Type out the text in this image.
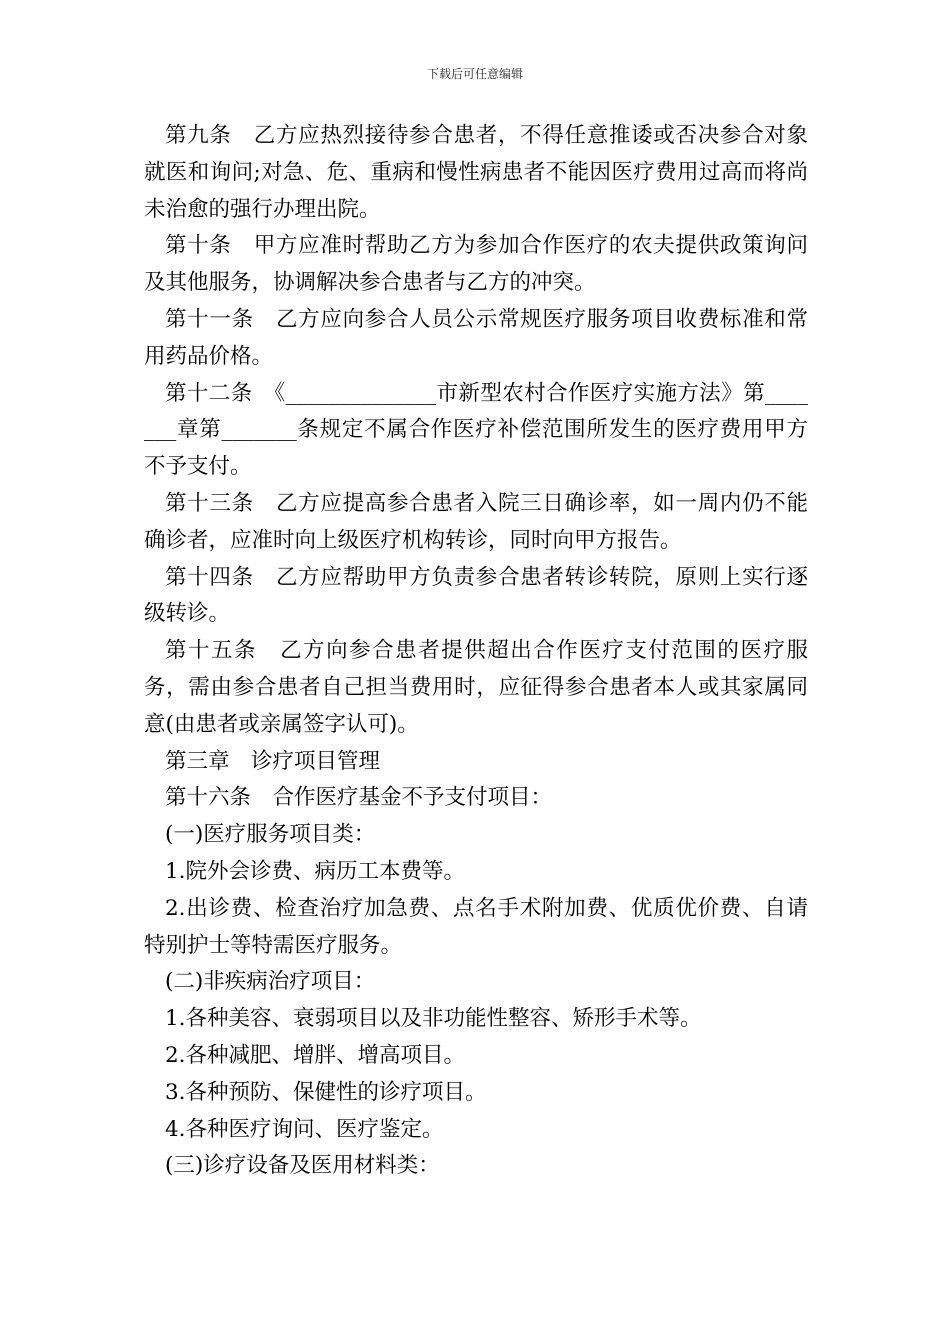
下载后可任意编辑

第九条　乙方应热烈接待参合患者，不得任意推诿或否决参合对象就医和询问;对急、危、重病和慢性病患者不能因医疗费用过高而将尚未治愈的强行办理出院。

第十条　甲方应准时帮助乙方为参加合作医疗的农夫提供政策询问及其他服务，协调解决参合患者与乙方的冲突。

第十一条　乙方应向参合人员公示常规医疗服务项目收费标准和常用药品价格。

第十二条　《______________市新型农村合作医疗实施方法》第_______章第_______条规定不属合作医疗补偿范围所发生的医疗费用甲方不予支付。

第十三条　乙方应提高参合患者入院三日确诊率，如一周内仍不能确诊者，应准时向上级医疗机构转诊，同时向甲方报告。

第十四条　乙方应帮助甲方负责参合患者转诊转院，原则上实行逐级转诊。

第十五条　乙方向参合患者提供超出合作医疗支付范围的医疗服务，需由参合患者自己担当费用时，应征得参合患者本人或其家属同意(由患者或亲属签字认可)。

第三章　诊疗项目管理

第十六条　合作医疗基金不予支付项目：

(一)医疗服务项目类：

1.院外会诊费、病历工本费等。

2.出诊费、检查治疗加急费、点名手术附加费、优质优价费、自请特别护士等特需医疗服务。

(二)非疾病治疗项目：

1.各种美容、衰弱项目以及非功能性整容、矫形手术等。

2.各种减肥、增胖、增高项目。

3.各种预防、保健性的诊疗项目。

4.各种医疗询问、医疗鉴定。

(三)诊疗设备及医用材料类：
